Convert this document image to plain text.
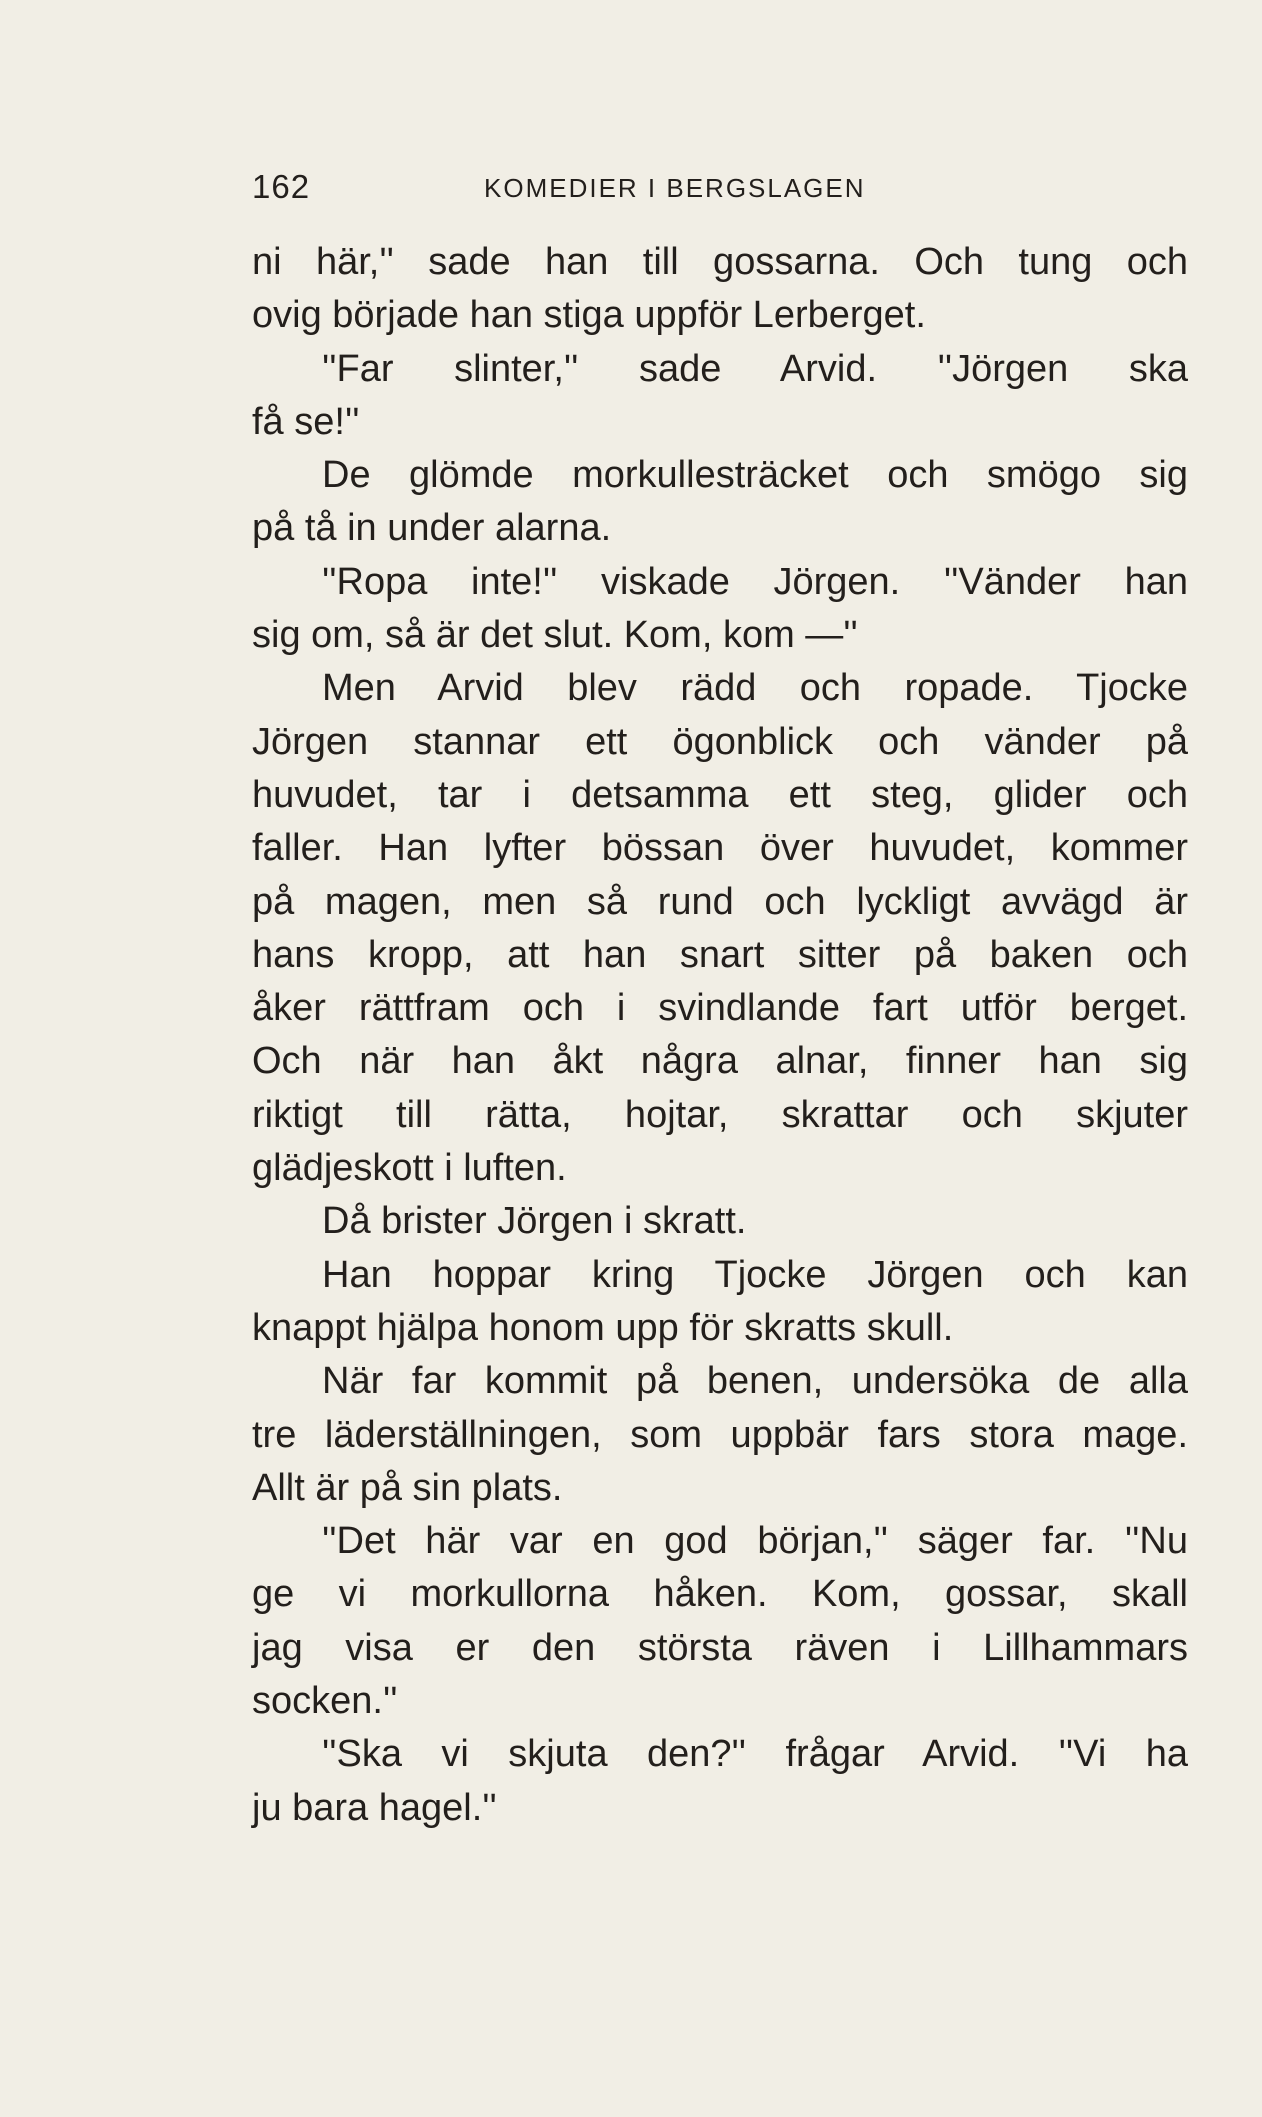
162	KOMEDIER I BERGSLAGEN
ni här,'' sade han till gossarna. Och tung och
ovig började han stiga uppför Lerberget.
''Far slinter,'' sade Arvid. ''Jörgen ska
få se!''
De glömde morkullesträcket och smögo sig
på tå in under alarna.
''Ropa inte!'' viskade Jörgen. ''Vänder han
sig om, så är det slut. Kom, kom —''
Men Arvid blev rädd och ropade. Tjocke
Jörgen stannar ett ögonblick och vänder på
huvudet, tar i detsamma ett steg, glider och
faller. Han lyfter bössan över huvudet, kommer
på magen, men så rund och lyckligt avvägd är
hans kropp, att han snart sitter på baken och
åker rättfram och i svindlande fart utför berget.
Och när han åkt några alnar, finner han sig
riktigt till rätta, hojtar, skrattar och skjuter
glädjeskott i luften.
Då brister Jörgen i skratt.
Han hoppar kring Tjocke Jörgen och kan
knappt hjälpa honom upp för skratts skull.
När far kommit på benen, undersöka de alla
tre läderställningen, som uppbär fars stora mage.
Allt är på sin plats.
''Det här var en god början,'' säger far. ''Nu
ge vi morkullorna håken. Kom, gossar, skall
jag visa er den största räven i Lillhammars
socken.''
''Ska vi skjuta den?'' frågar Arvid. ''Vi ha
ju bara hagel.''
